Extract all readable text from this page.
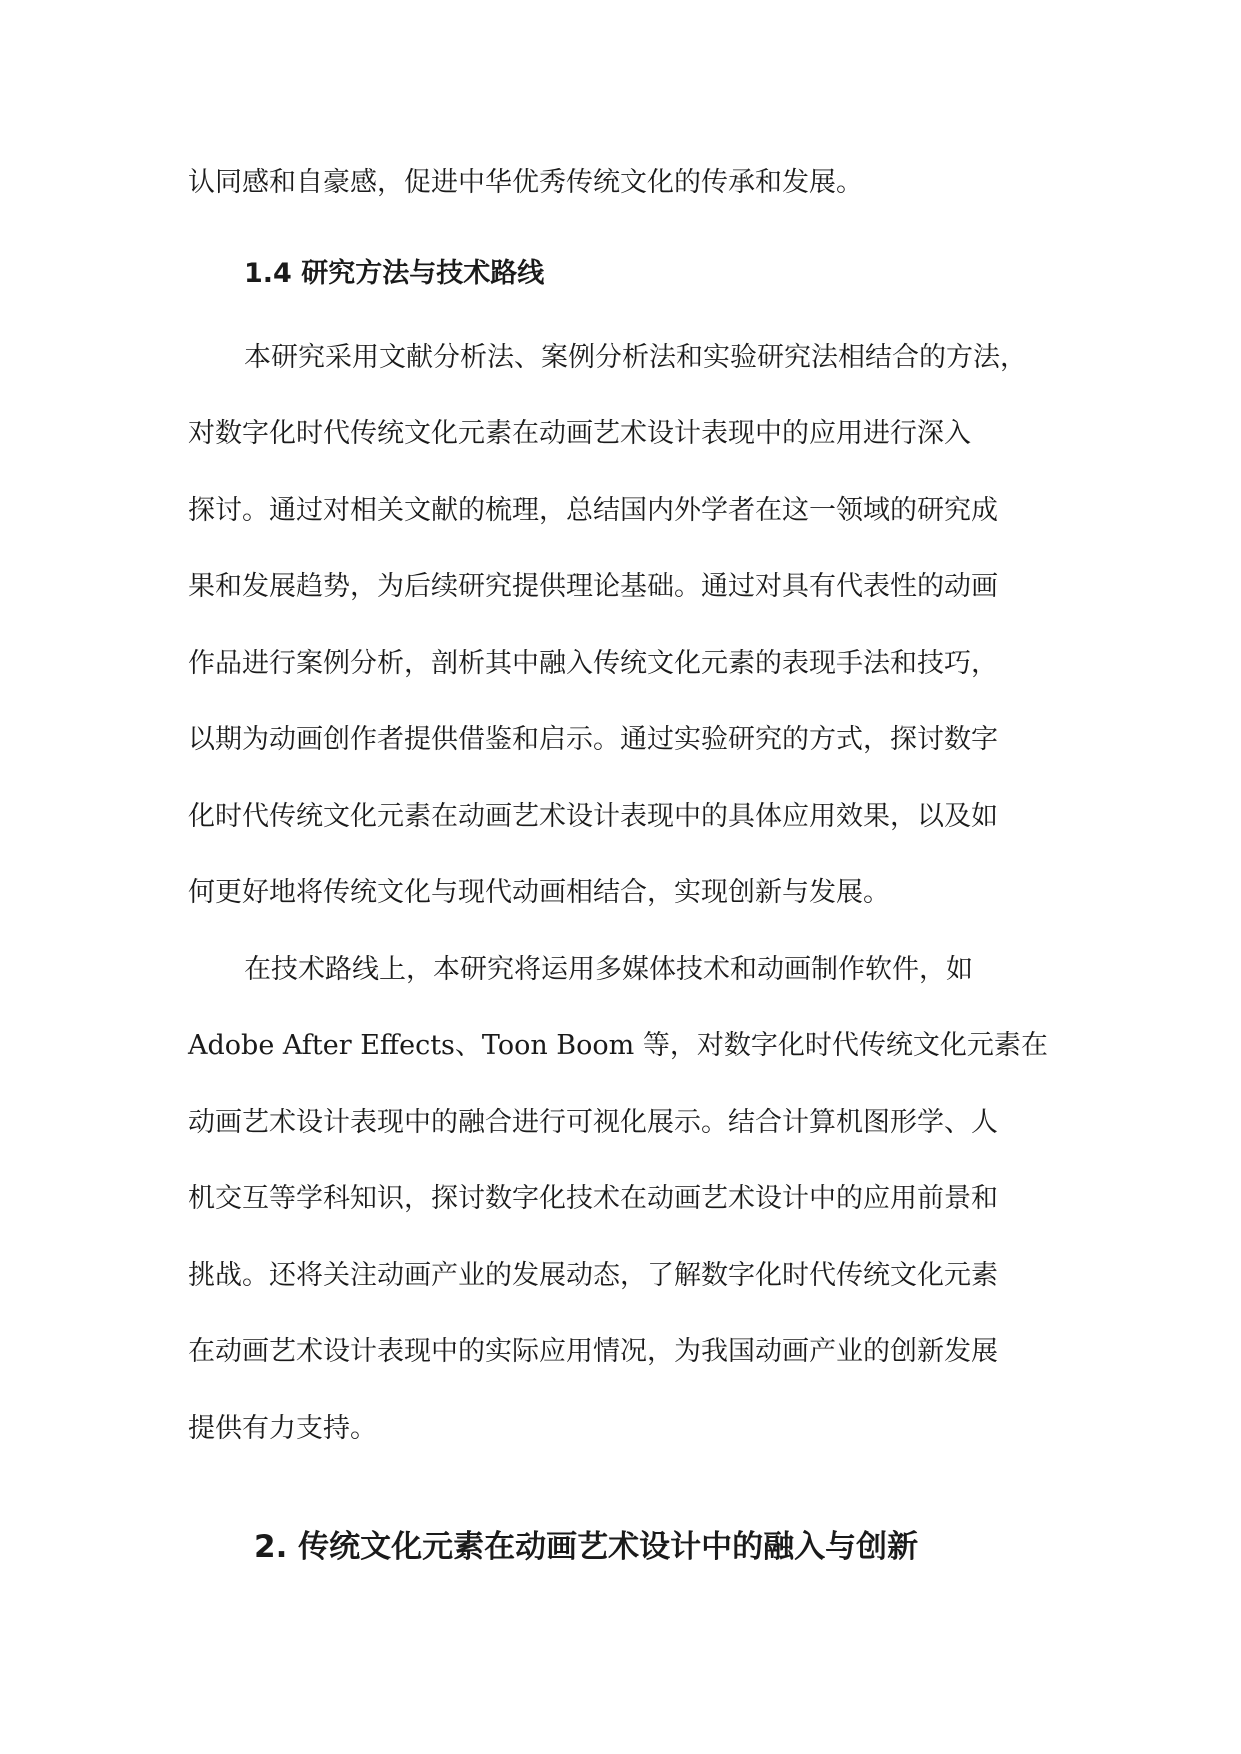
认同感和自豪感，促进中华优秀传统文化的传承和发展。
1.4 研究方法与技术路线
本研究采用文献分析法、案例分析法和实验研究法相结合的方法，
对数字化时代传统文化元素在动画艺术设计表现中的应用进行深入
探讨。通过对相关文献的梳理，总结国内外学者在这一领域的研究成
果和发展趋势，为后续研究提供理论基础。通过对具有代表性的动画
作品进行案例分析，剖析其中融入传统文化元素的表现手法和技巧，
以期为动画创作者提供借鉴和启示。通过实验研究的方式，探讨数字
化时代传统文化元素在动画艺术设计表现中的具体应用效果，以及如
何更好地将传统文化与现代动画相结合，实现创新与发展。
在技术路线上，本研究将运用多媒体技术和动画制作软件，如
Adobe After Effects、Toon Boom 等，对数字化时代传统文化元素在
动画艺术设计表现中的融合进行可视化展示。结合计算机图形学、人
机交互等学科知识，探讨数字化技术在动画艺术设计中的应用前景和
挑战。还将关注动画产业的发展动态，了解数字化时代传统文化元素
在动画艺术设计表现中的实际应用情况，为我国动画产业的创新发展
提供有力支持。
2. 传统文化元素在动画艺术设计中的融入与创新
